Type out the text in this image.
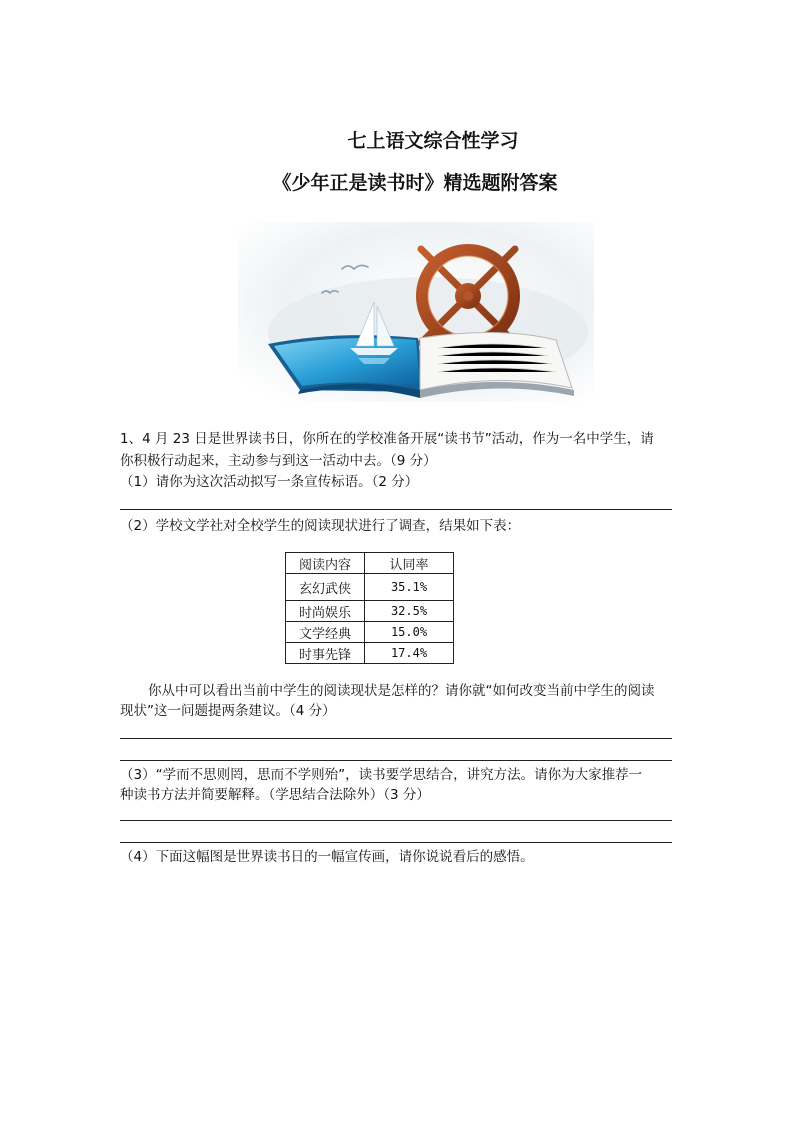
七上语文综合性学习
《少年正是读书时》精选题附答案
1、4 月 23 日是世界读书日，你所在的学校准备开展“读书节”活动，作为一名中学生，请
你积极行动起来，主动参与到这一活动中去。（9 分）
（1）请你为这次活动拟写一条宣传标语。（2 分）
（2）学校文学社对全校学生的阅读现状进行了调查，结果如下表：
阅读内容	认同率
玄幻武侠	35.1%
时尚娱乐	32.5%
文学经典	15.0%
时事先锋	17.4%
你从中可以看出当前中学生的阅读现状是怎样的？请你就“如何改变当前中学生的阅读
现状”这一问题提两条建议。（4 分）
（3）“学而不思则罔，思而不学则殆”，读书要学思结合，讲究方法。请你为大家推荐一
种读书方法并简要解释。（学思结合法除外）（3 分）
（4）下面这幅图是世界读书日的一幅宣传画，请你说说看后的感悟。
